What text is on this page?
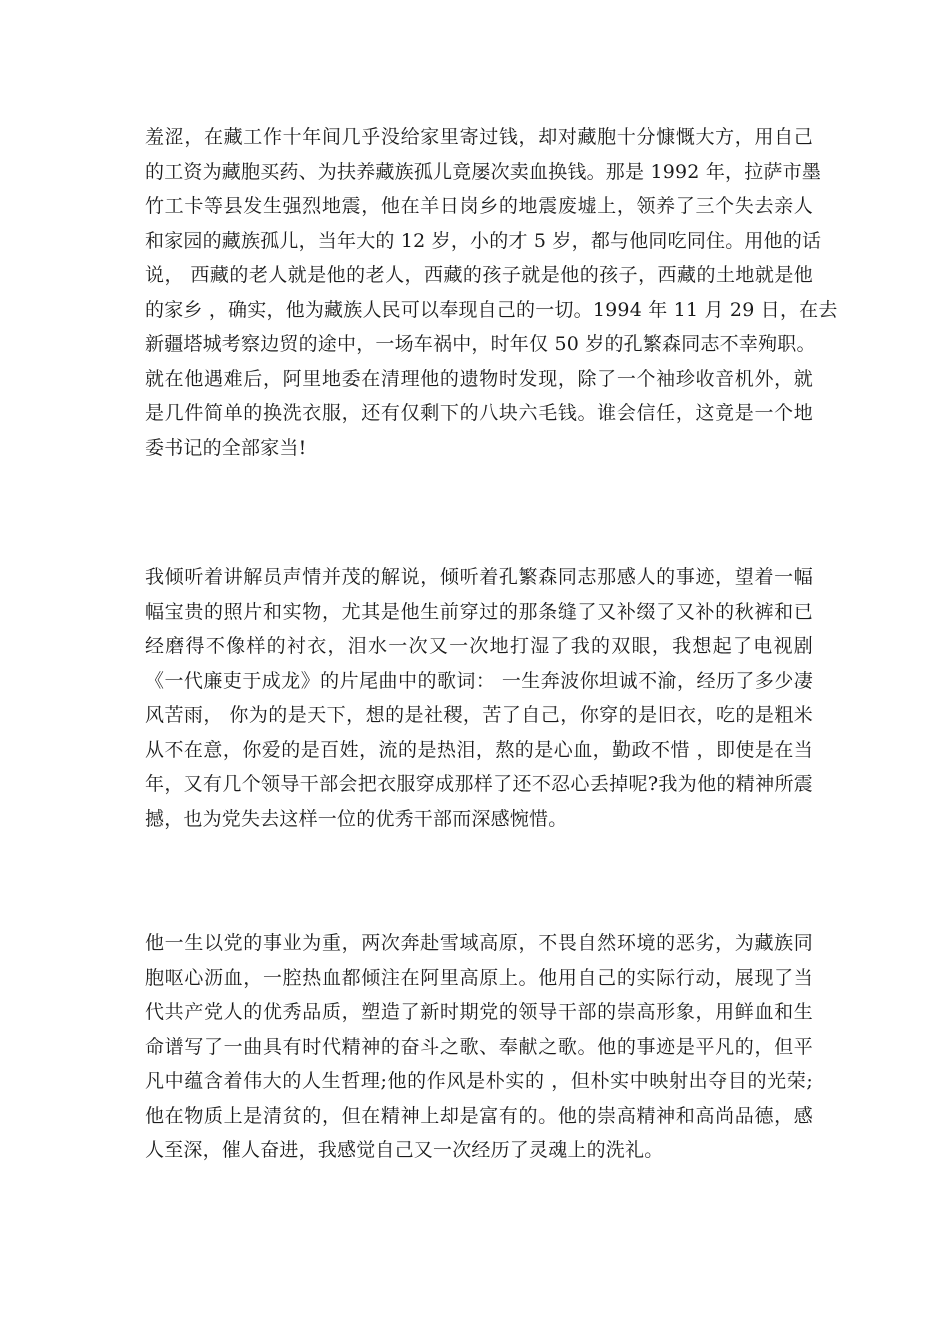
羞涩，在藏工作十年间几乎没给家里寄过钱，却对藏胞十分慷慨大方，用自己
的工资为藏胞买药、为扶养藏族孤儿竟屡次卖血换钱。那是 1992 年，拉萨市墨
竹工卡等县发生强烈地震，他在羊日岗乡的地震废墟上，领养了三个失去亲人
和家园的藏族孤儿，当年大的 12 岁，小的才 5 岁，都与他同吃同住。用他的话
说， 西藏的老人就是他的老人，西藏的孩子就是他的孩子，西藏的土地就是他
的家乡 ，确实，他为藏族人民可以奉现自己的一切。1994 年 11 月 29 日，在去
新疆塔城考察边贸的途中，一场车祸中，时年仅 50 岁的孔繁森同志不幸殉职。
就在他遇难后，阿里地委在清理他的遗物时发现，除了一个袖珍收音机外，就
是几件简单的换洗衣服，还有仅剩下的八块六毛钱。谁会信任，这竟是一个地
委书记的全部家当!
我倾听着讲解员声情并茂的解说，倾听着孔繁森同志那感人的事迹，望着一幅
幅宝贵的照片和实物，尤其是他生前穿过的那条缝了又补缀了又补的秋裤和已
经磨得不像样的衬衣，泪水一次又一次地打湿了我的双眼，我想起了电视剧
《一代廉吏于成龙》的片尾曲中的歌词： 一生奔波你坦诚不渝，经历了多少凄
风苦雨， 你为的是天下，想的是社稷，苦了自己，你穿的是旧衣，吃的是粗米
从不在意，你爱的是百姓，流的是热泪，熬的是心血，勤政不惜 ，即使是在当
年，又有几个领导干部会把衣服穿成那样了还不忍心丢掉呢?我为他的精神所震
撼，也为党失去这样一位的优秀干部而深感惋惜。
他一生以党的事业为重，两次奔赴雪域高原，不畏自然环境的恶劣，为藏族同
胞呕心沥血，一腔热血都倾注在阿里高原上。他用自己的实际行动，展现了当
代共产党人的优秀品质，塑造了新时期党的领导干部的崇高形象，用鲜血和生
命谱写了一曲具有时代精神的奋斗之歌、奉献之歌。他的事迹是平凡的，但平
凡中蕴含着伟大的人生哲理;他的作风是朴实的 ，但朴实中映射出夺目的光荣;
他在物质上是清贫的，但在精神上却是富有的。他的崇高精神和高尚品德，感
人至深，催人奋进，我感觉自己又一次经历了灵魂上的洗礼。
